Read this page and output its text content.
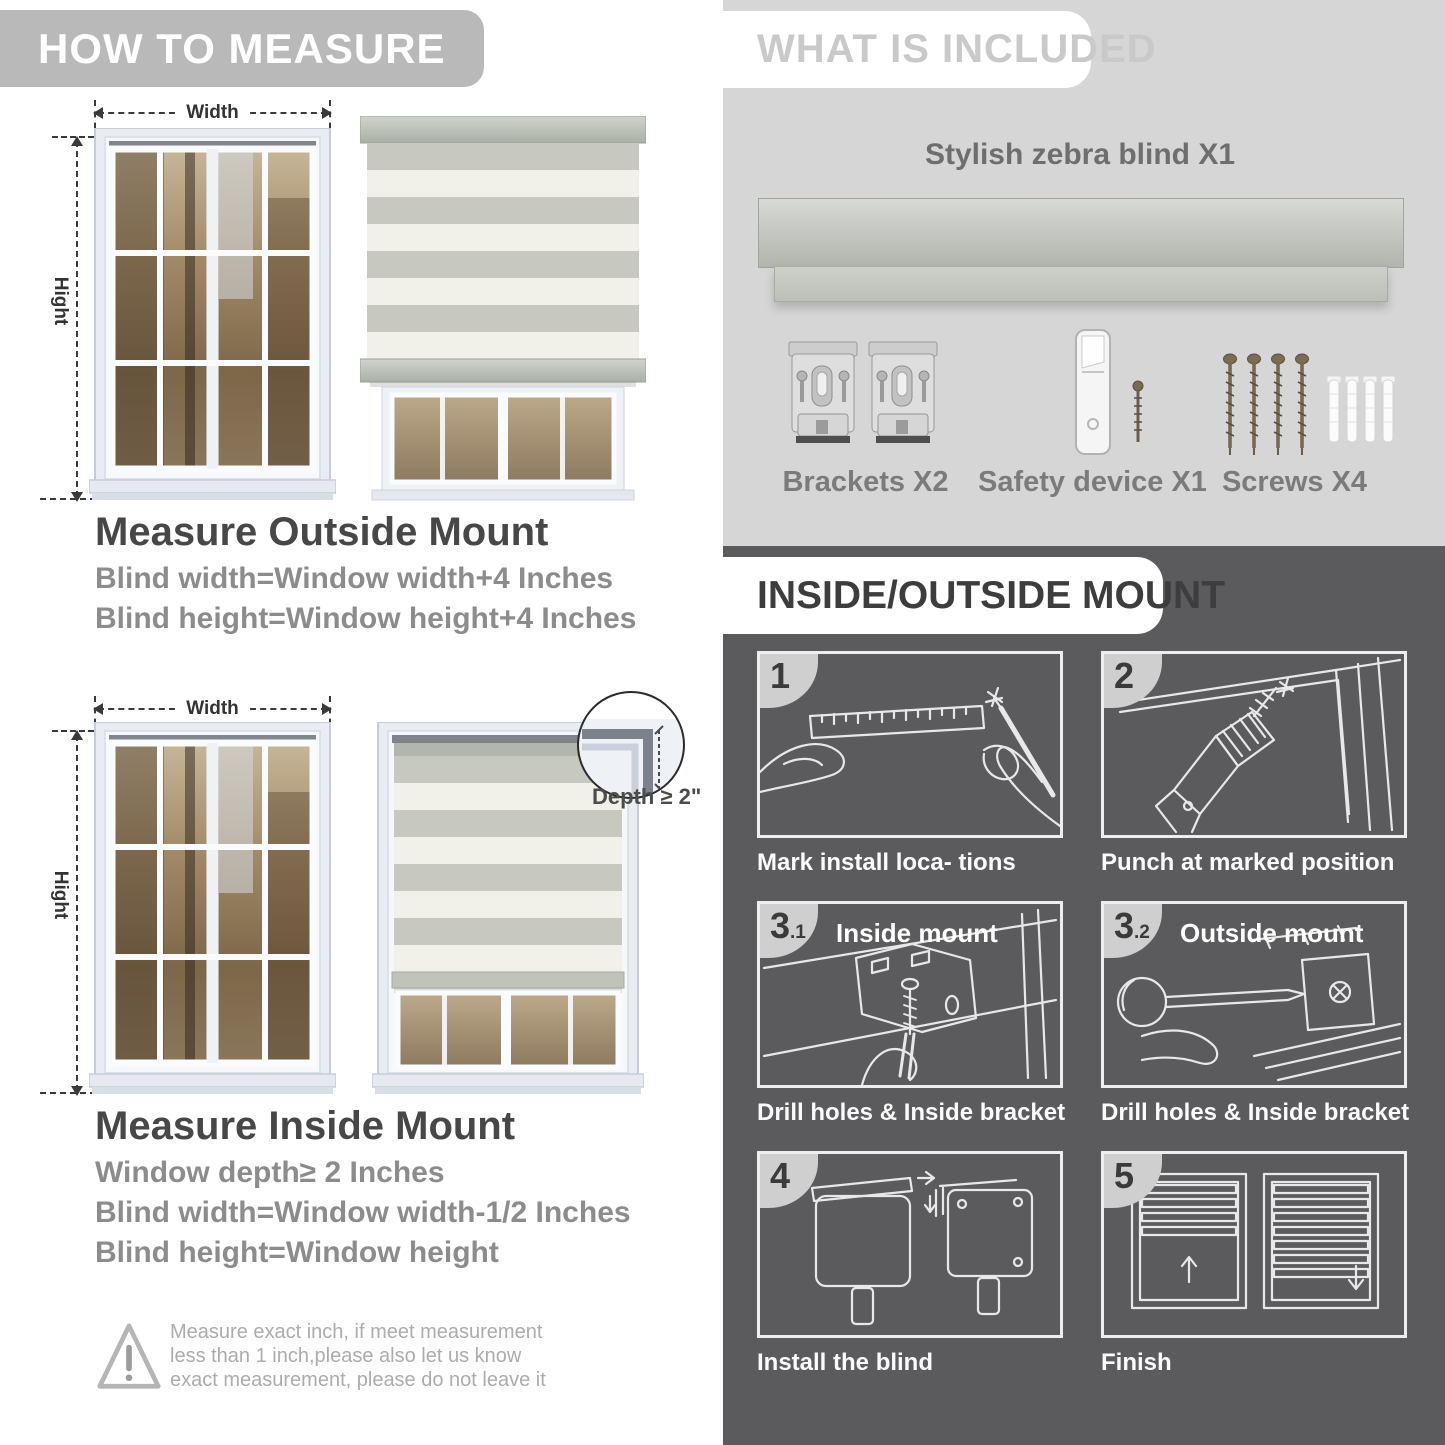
HOW TO MEASURE
Width
Hight
Measure Outside Mount
Blind width=Window width+4 Inches
Blind height=Window height+4 Inches
Width
Hight
Depth ≥ 2"
Measure Inside Mount
Window depth≥ 2 Inches
Blind width=Window width-1/2 Inches
Blind height=Window height
Measure exact inch, if meet measurement less than 1 inch,please also let us know exact measurement, please do not leave it
WHAT IS INCLUDED
Stylish zebra blind X1
Brackets X2 Safety device X1 Screws X4
INSIDE/OUTSIDE MOUNT
1
Mark install loca- tions
2
Punch at marked position
3.1	Inside mount
Drill holes & Inside bracket
3.2	Outside mount
Drill holes & Inside bracket
4
Install the blind
5
Finish
